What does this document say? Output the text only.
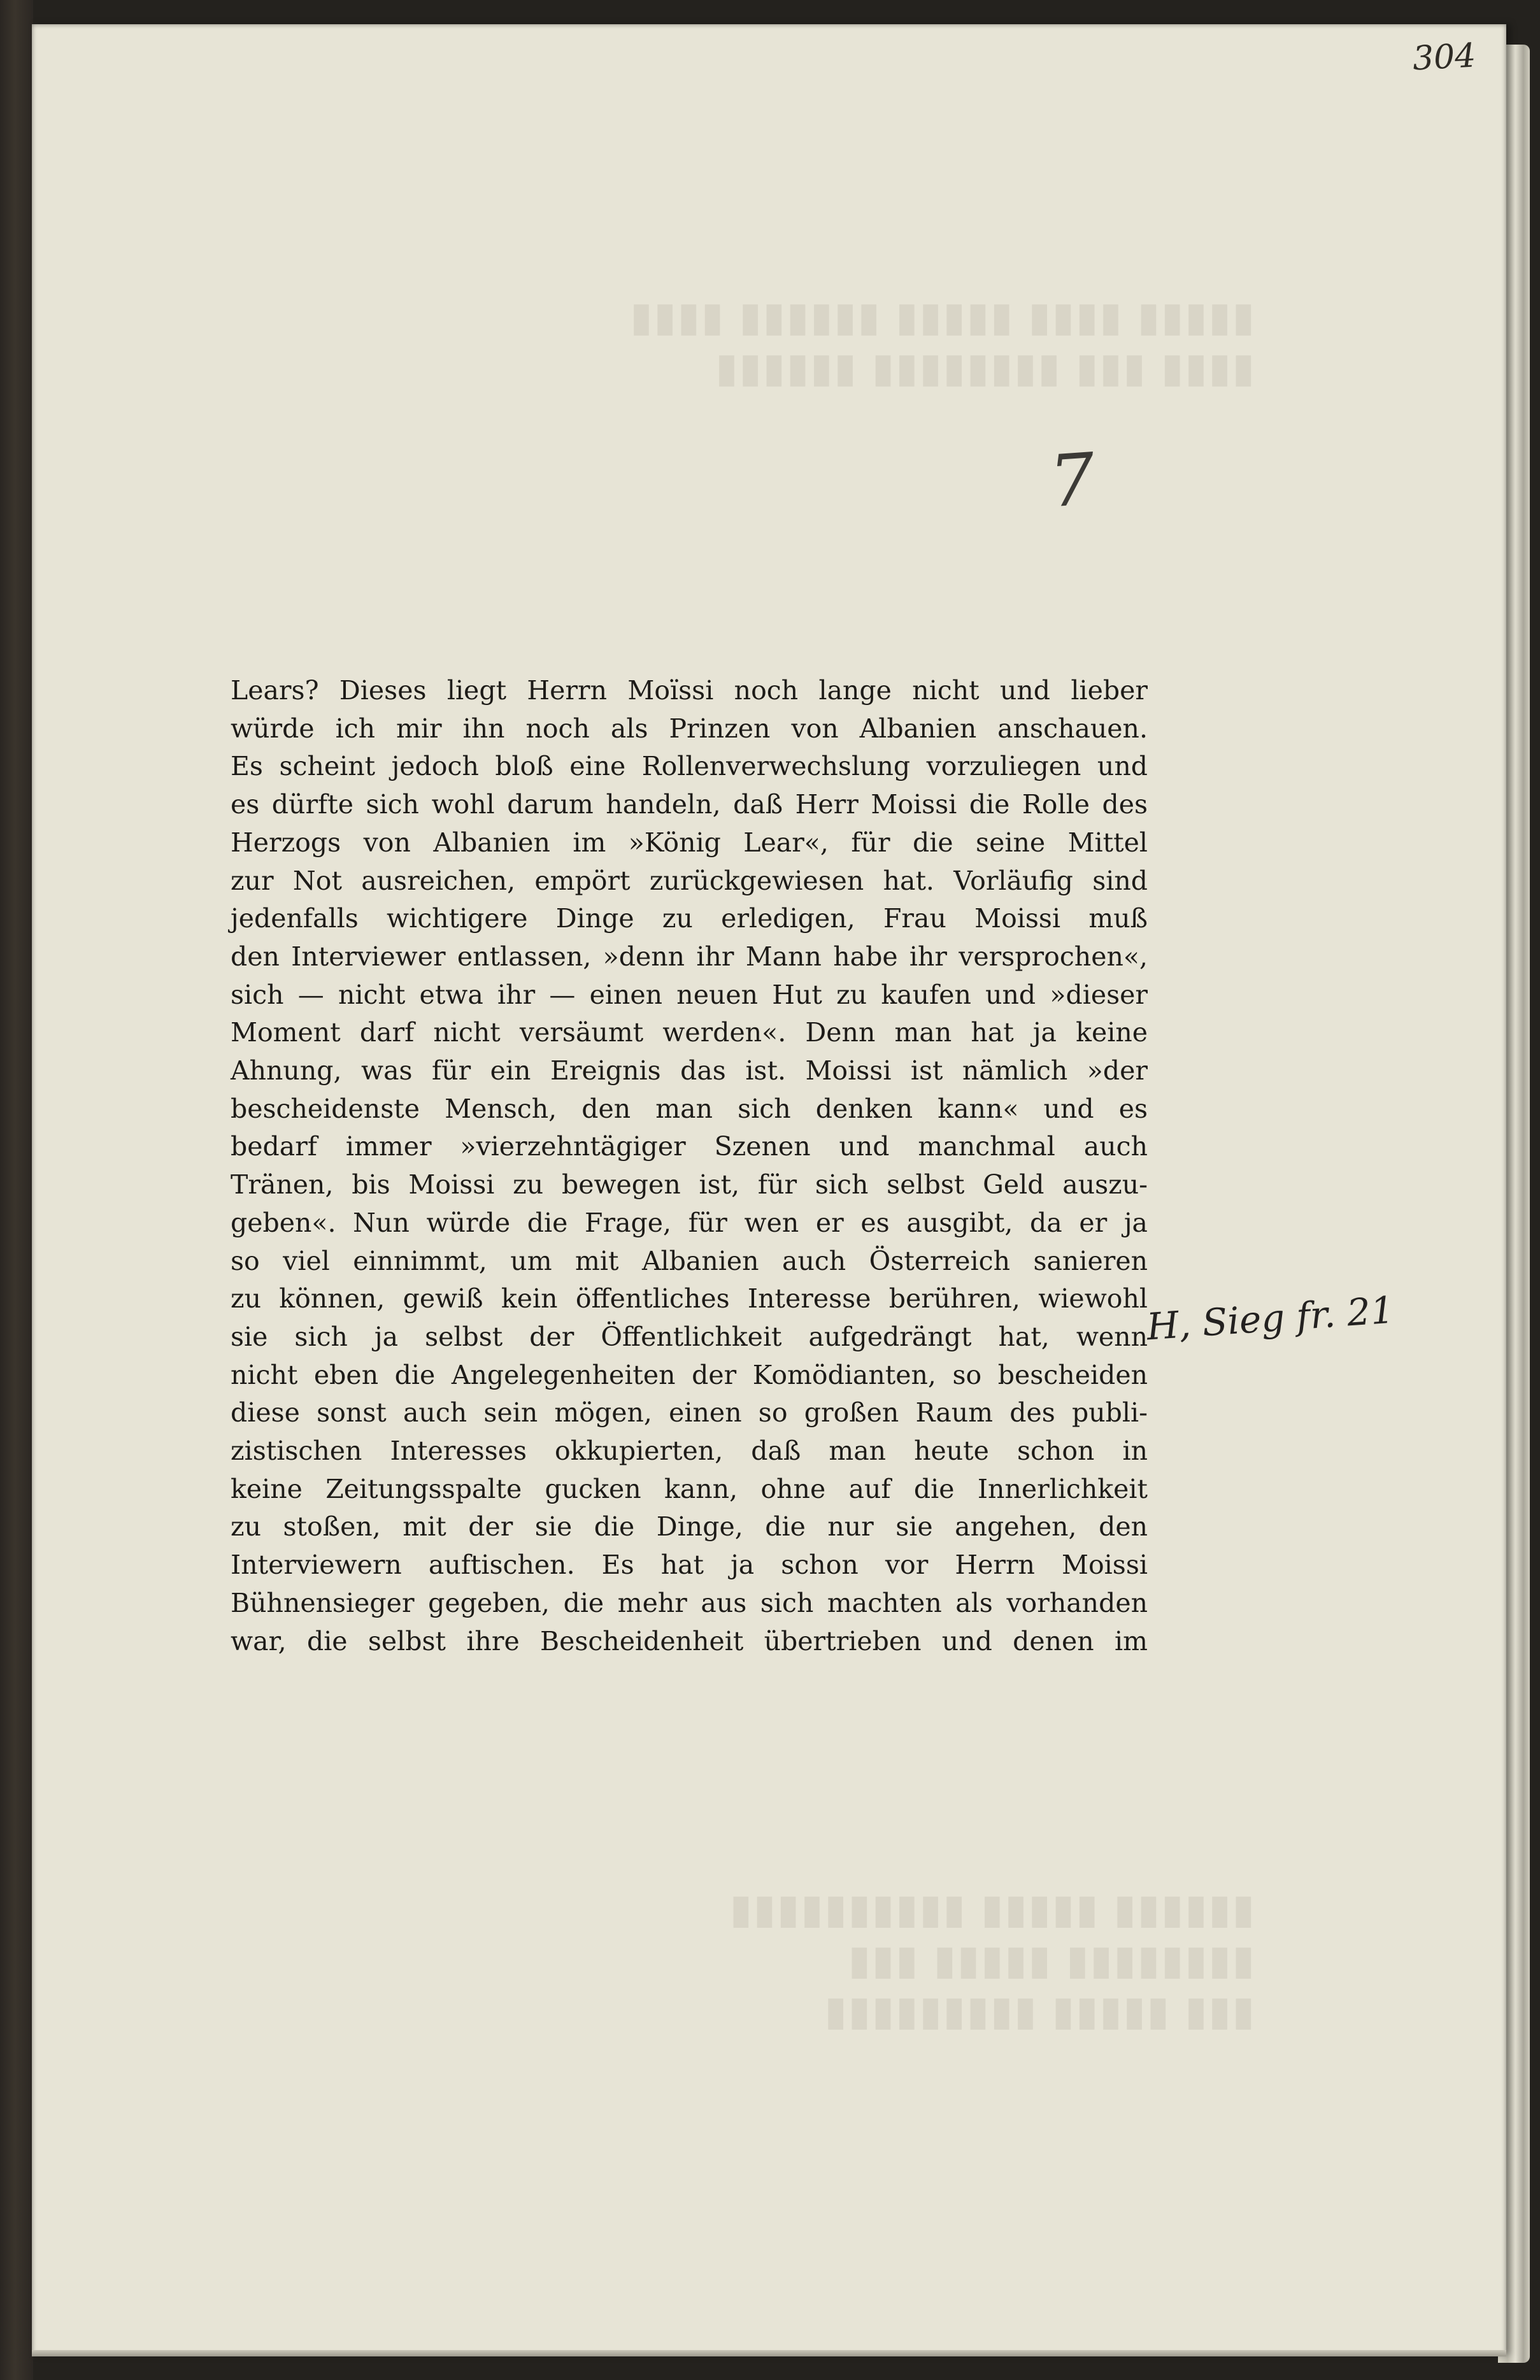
▮▮▮▮▮ ▮▮▮▮ ▮▮▮▮▮ ▮▮▮▮▮▮ ▮▮▮▮
▮▮▮▮ ▮▮▮ ▮▮▮▮▮▮▮▮ ▮▮▮▮▮▮
▮▮▮▮▮▮ ▮▮▮▮▮ ▮▮▮▮▮▮▮▮▮▮
▮▮▮▮▮▮▮▮ ▮▮▮▮▮ ▮▮▮
▮▮▮ ▮▮▮▮▮ ▮▮▮▮▮▮▮▮▮
304
7
H, Sieg fr. 21
Lears? Dieses liegt Herrn Moïssi noch lange nicht und lieber
würde ich mir ihn noch als Prinzen von Albanien anschauen.
Es scheint jedoch bloß eine Rollenverwechslung vorzuliegen und
es dürfte sich wohl darum handeln, daß Herr Moissi die Rolle des
Herzogs von Albanien im »König Lear«, für die seine Mittel
zur Not ausreichen, empört zurückgewiesen hat. Vorläufig sind
jedenfalls wichtigere Dinge zu erledigen, Frau Moissi muß
den Interviewer entlassen, »denn ihr Mann habe ihr versprochen«,
sich — nicht etwa ihr — einen neuen Hut zu kaufen und »dieser
Moment darf nicht versäumt werden«. Denn man hat ja keine
Ahnung, was für ein Ereignis das ist. Moissi ist nämlich »der
bescheidenste Mensch, den man sich denken kann« und es
bedarf immer »vierzehntägiger Szenen und manchmal auch
Tränen, bis Moissi zu bewegen ist, für sich selbst Geld auszu-
geben«. Nun würde die Frage, für wen er es ausgibt, da er ja
so viel einnimmt, um mit Albanien auch Österreich sanieren
zu können, gewiß kein öffentliches Interesse berühren, wiewohl
sie sich ja selbst der Öffentlichkeit aufgedrängt hat, wenn
nicht eben die Angelegenheiten der Komödianten, so bescheiden
diese sonst auch sein mögen, einen so großen Raum des publi-
zistischen Interesses okkupierten, daß man heute schon in
keine Zeitungsspalte gucken kann, ohne auf die Innerlichkeit
zu stoßen, mit der sie die Dinge, die nur sie angehen, den
Interviewern auftischen. Es hat ja schon vor Herrn Moissi
Bühnensieger gegeben, die mehr aus sich machten als vorhanden
war, die selbst ihre Bescheidenheit übertrieben und denen im
